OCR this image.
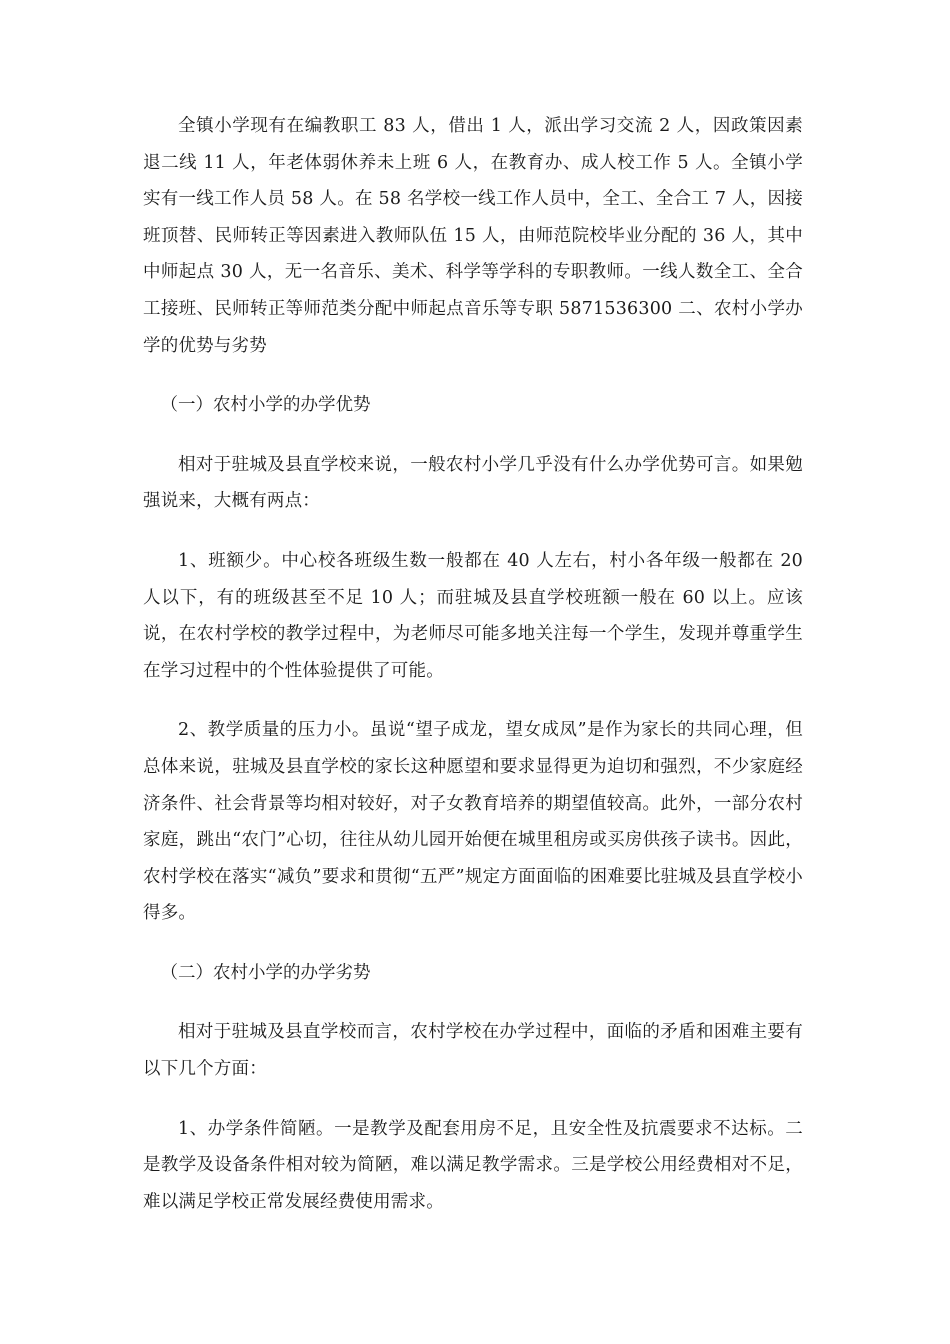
全镇小学现有在编教职工 83 人，借出 1 人，派出学习交流 2 人，因政策因素退二线 11 人，年老体弱休养未上班 6 人，在教育办、成人校工作 5 人。全镇小学实有一线工作人员 58 人。在 58 名学校一线工作人员中，全工、全合工 7 人，因接班顶替、民师转正等因素进入教师队伍 15 人，由师范院校毕业分配的 36 人，其中中师起点 30 人，无一名音乐、美术、科学等学科的专职教师。一线人数全工、全合工接班、民师转正等师范类分配中师起点音乐等专职 5871536300 二、农村小学办学的优势与劣势

（一）农村小学的办学优势

相对于驻城及县直学校来说，一般农村小学几乎没有什么办学优势可言。如果勉强说来，大概有两点：

1、班额少。中心校各班级生数一般都在 40 人左右，村小各年级一般都在 20 人以下，有的班级甚至不足 10 人；而驻城及县直学校班额一般在 60 以上。应该说，在农村学校的教学过程中，为老师尽可能多地关注每一个学生，发现并尊重学生在学习过程中的个性体验提供了可能。

2、教学质量的压力小。虽说“望子成龙，望女成凤”是作为家长的共同心理，但总体来说，驻城及县直学校的家长这种愿望和要求显得更为迫切和强烈，不少家庭经济条件、社会背景等均相对较好，对子女教育培养的期望值较高。此外，一部分农村家庭，跳出“农门”心切，往往从幼儿园开始便在城里租房或买房供孩子读书。因此，农村学校在落实“减负”要求和贯彻“五严”规定方面面临的困难要比驻城及县直学校小得多。

（二）农村小学的办学劣势

相对于驻城及县直学校而言，农村学校在办学过程中，面临的矛盾和困难主要有以下几个方面：

1、办学条件简陋。一是教学及配套用房不足，且安全性及抗震要求不达标。二是教学及设备条件相对较为简陋，难以满足教学需求。三是学校公用经费相对不足，难以满足学校正常发展经费使用需求。
